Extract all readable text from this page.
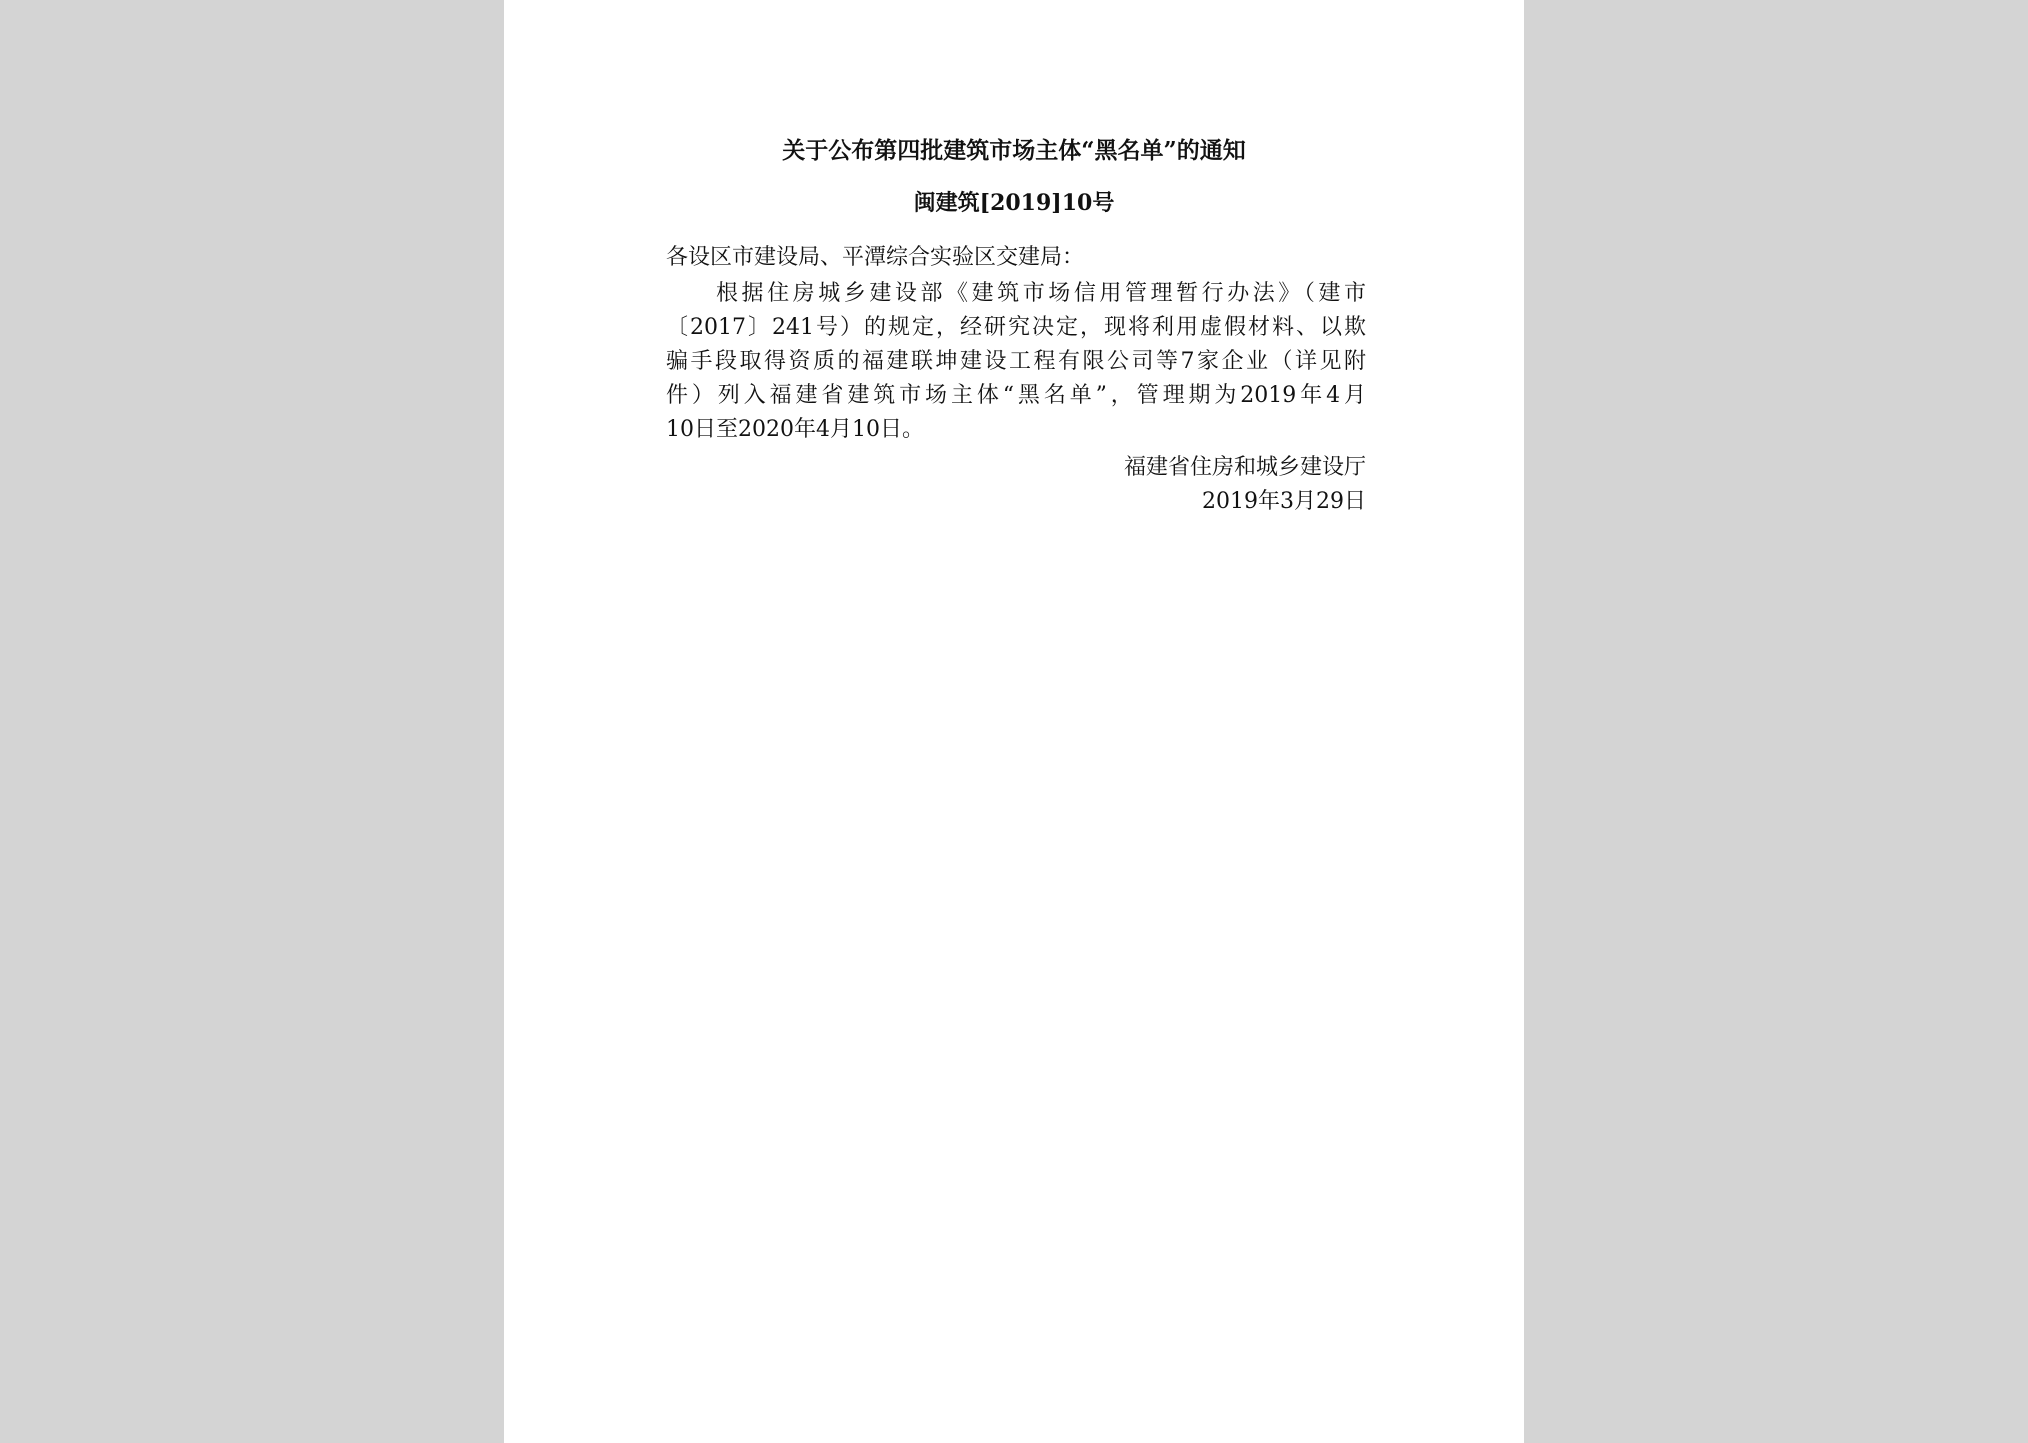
关于公布第四批建筑市场主体“黑名单”的通知
闽建筑[2019]10号
各设区市建设局、平潭综合实验区交建局：
根据住房城乡建设部《建筑市场信用管理暂行办法》（建市
〔2017〕241号）的规定，经研究决定，现将利用虚假材料、以欺
骗手段取得资质的福建联坤建设工程有限公司等7家企业（详见附
件）列入福建省建筑市场主体“黑名单”，管理期为2019年4月
10日至2020年4月10日。
福建省住房和城乡建设厅
2019年3月29日
